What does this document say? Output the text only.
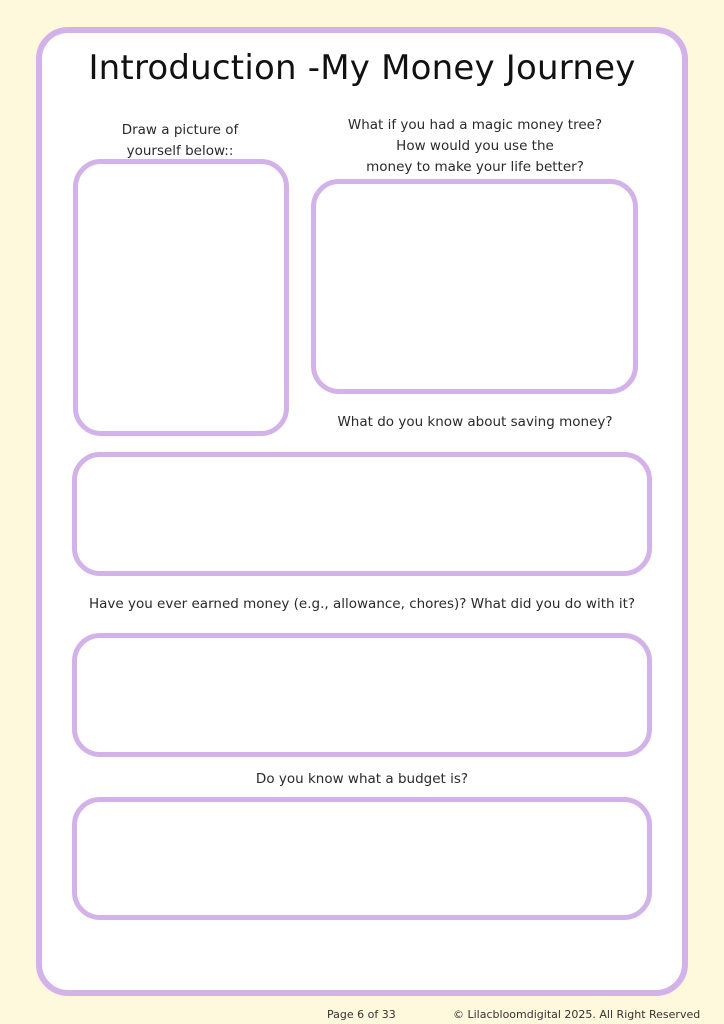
Introduction -My Money Journey
Draw a picture of
yourself below::
What if you had a magic money tree?
How would you use the
money to make your life better?
What do you know about saving money?
Have you ever earned money (e.g., allowance, chores)? What did you do with it?
Do you know what a budget is?
Page 6 of 33	© Lilacbloomdigital 2025. All Right Reserved
